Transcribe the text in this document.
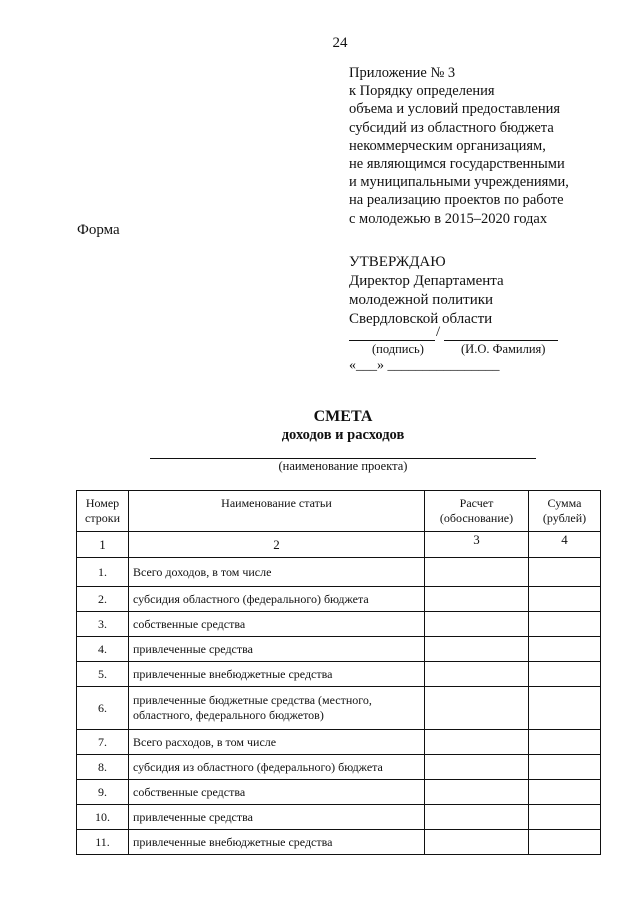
24
Приложение № 3
к Порядку определения
объема и условий предоставления
субсидий из областного бюджета
некоммерческим организациям,
не являющимся государственными
и муниципальными учреждениями,
на реализацию проектов по работе
с молодежью в 2015–2020 годах
Форма
УТВЕРЖДАЮ
Директор Департамента
молодежной политики
Свердловской области
/
(подпись)	(И.О. Фамилия)
«___» ________________
СМЕТА
доходов и расходов
(наименование проекта)
Номер строки	Наименование статьи	Расчет (обоснование)	Сумма (рублей)
1	2	3	4
1.	Всего доходов, в том числе		
2.	субсидия областного (федерального) бюджета		
3.	собственные средства		
4.	привлеченные средства		
5.	привлеченные внебюджетные средства		
6.	привлеченные бюджетные средства (местного, областного, федерального бюджетов)		
7.	Всего расходов, в том числе		
8.	субсидия из областного (федерального) бюджета		
9.	собственные средства		
10.	привлеченные средства		
11.	привлеченные внебюджетные средства		
